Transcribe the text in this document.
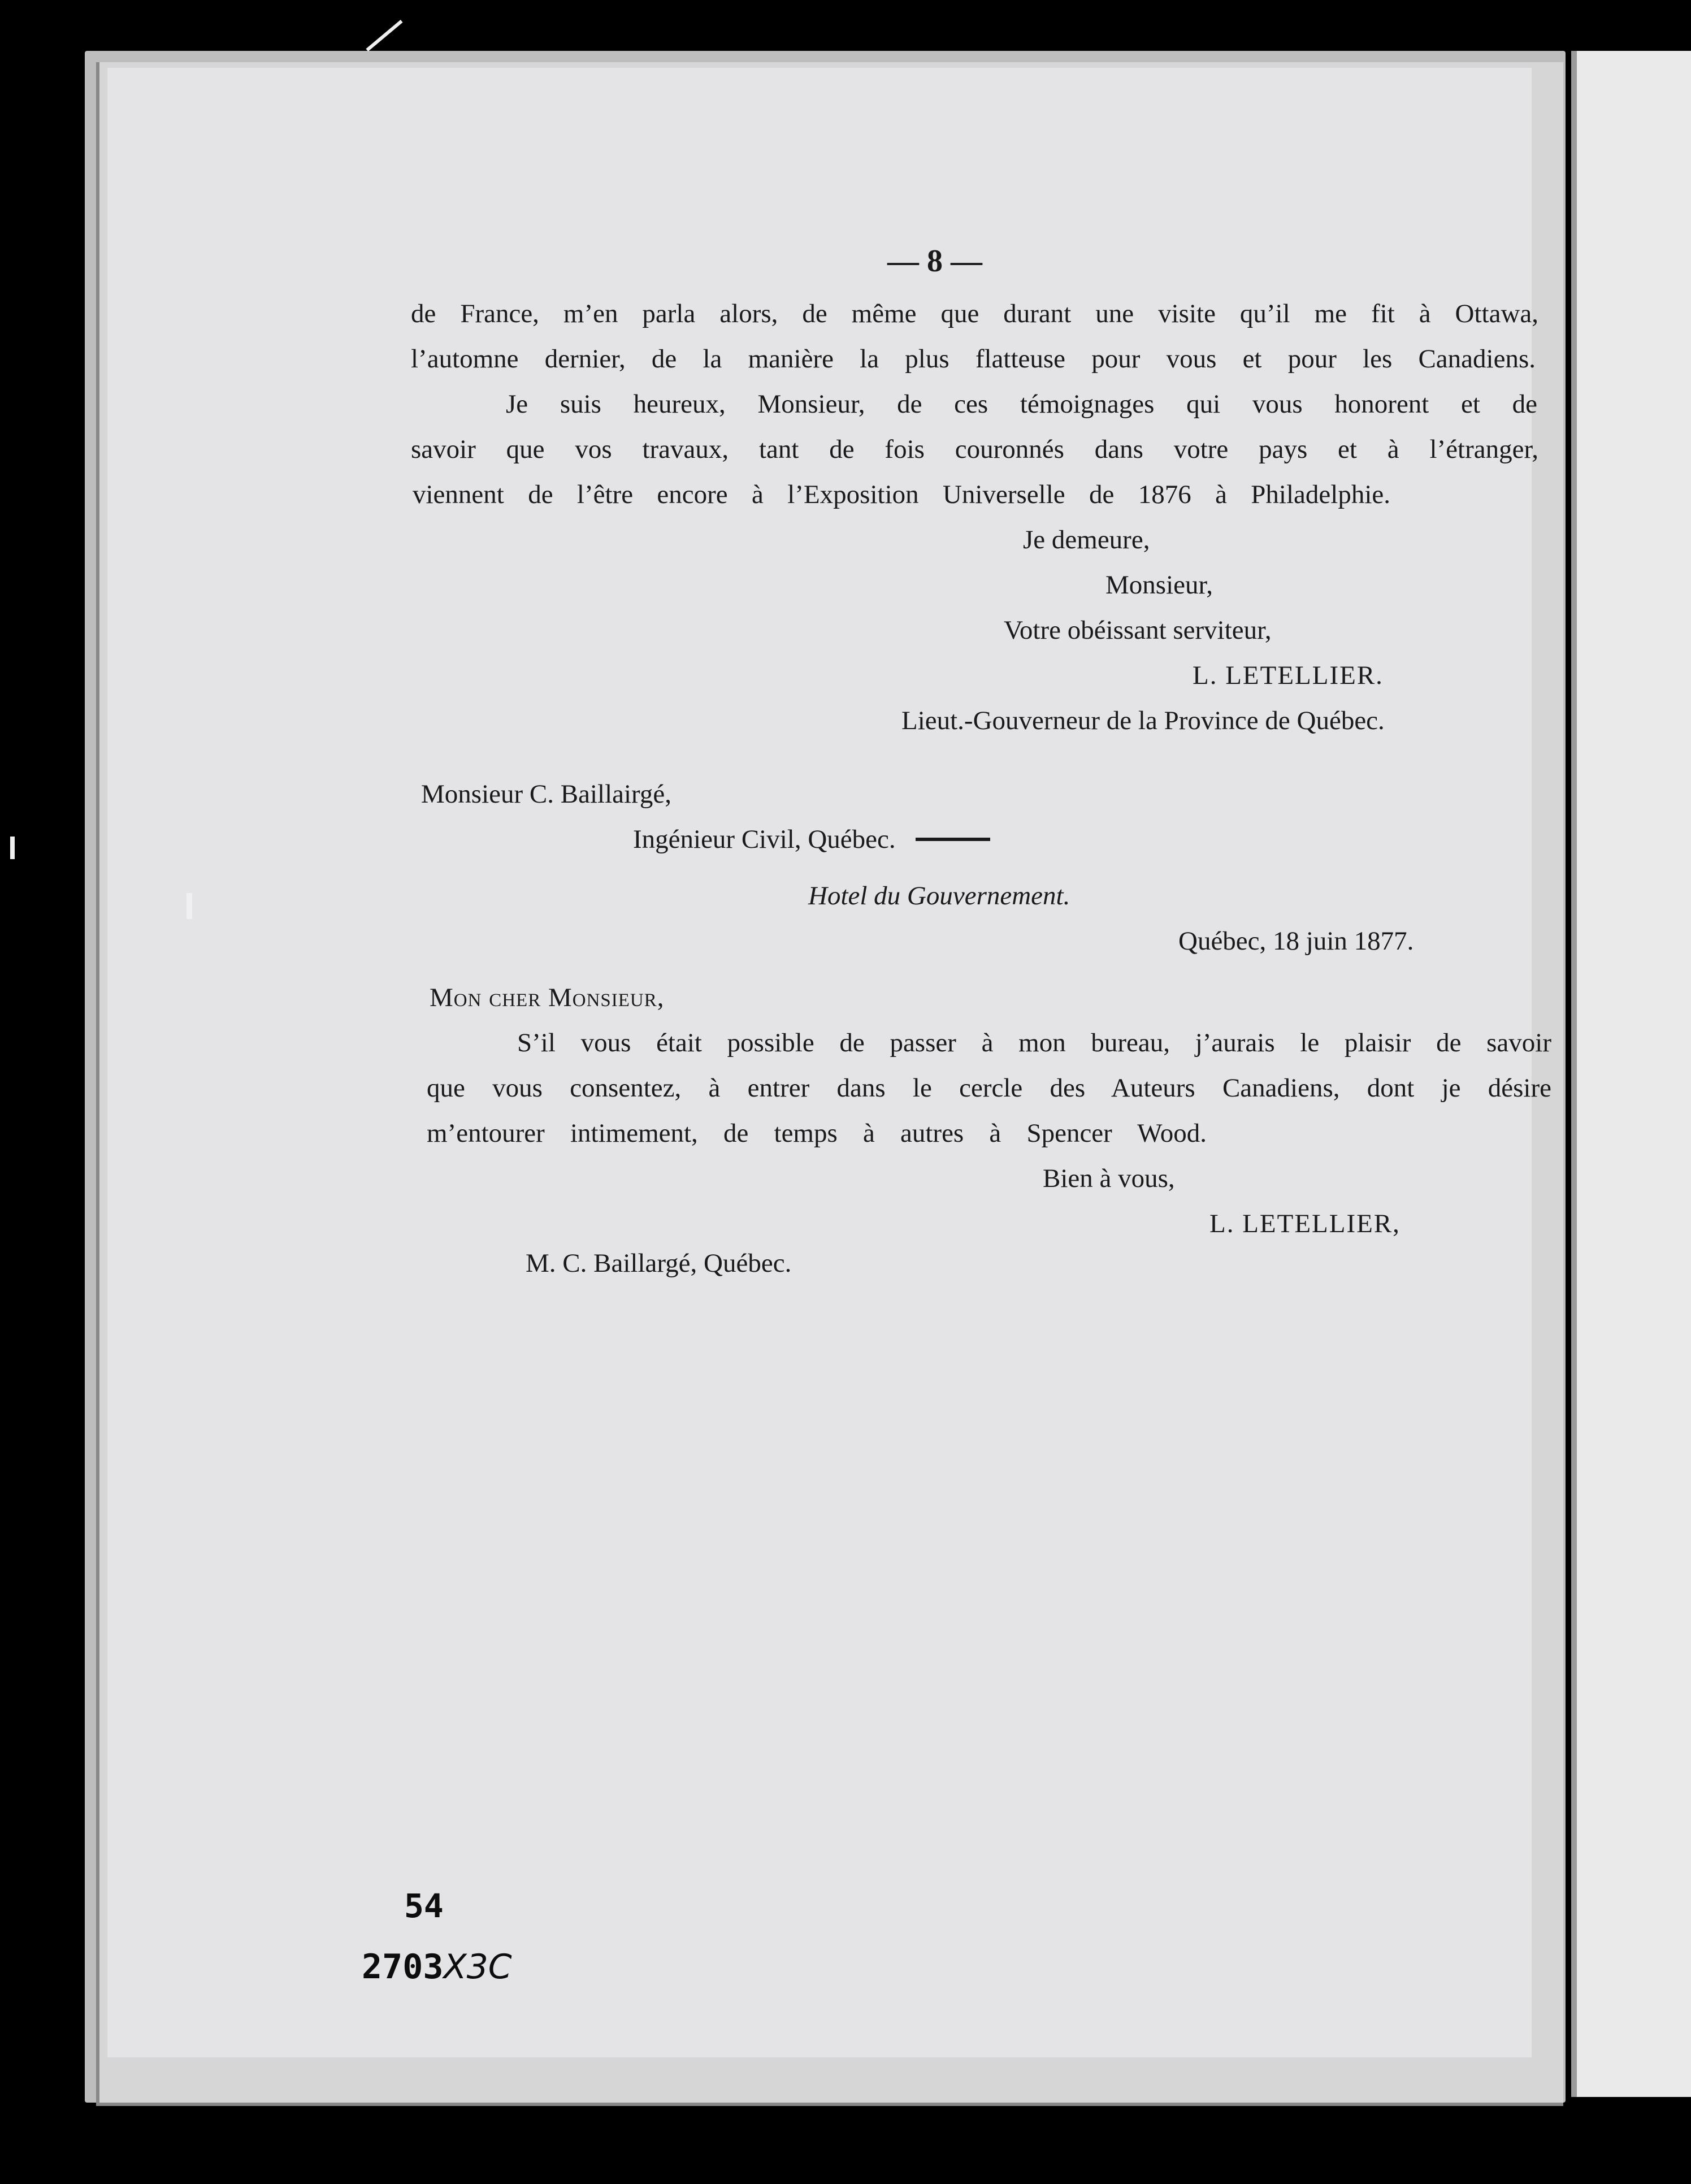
— 8 —
de France, m’en parla alors, de même que durant une visite qu’il me fit à Ottawa,
l’automne dernier, de la manière la plus flatteuse pour vous et pour les Canadiens.
Je suis heureux, Monsieur, de ces témoignages qui vous honorent et de
savoir que vos travaux, tant de fois couronnés dans votre pays et à l’étranger,
viennent de l’être encore à l’Exposition Universelle de 1876 à Philadelphie.
Je demeure,
Monsieur,
Votre obéissant serviteur,
L. LETELLIER.
Lieut.-Gouverneur de la Province de Québec.
Monsieur C. Baillairgé,
Ingénieur Civil, Québec.
Hotel du Gouvernement.
Québec, 18 juin 1877.
Mon cher Monsieur,
S’il vous était possible de passer à mon bureau, j’aurais le plaisir de savoir
que vous consentez, à entrer dans le cercle des Auteurs Canadiens, dont je désire
m’entourer intimement, de temps à autres à Spencer Wood.
Bien à vous,
L. LETELLIER,
M. C. Baillargé, Québec.
54
2703X3C
